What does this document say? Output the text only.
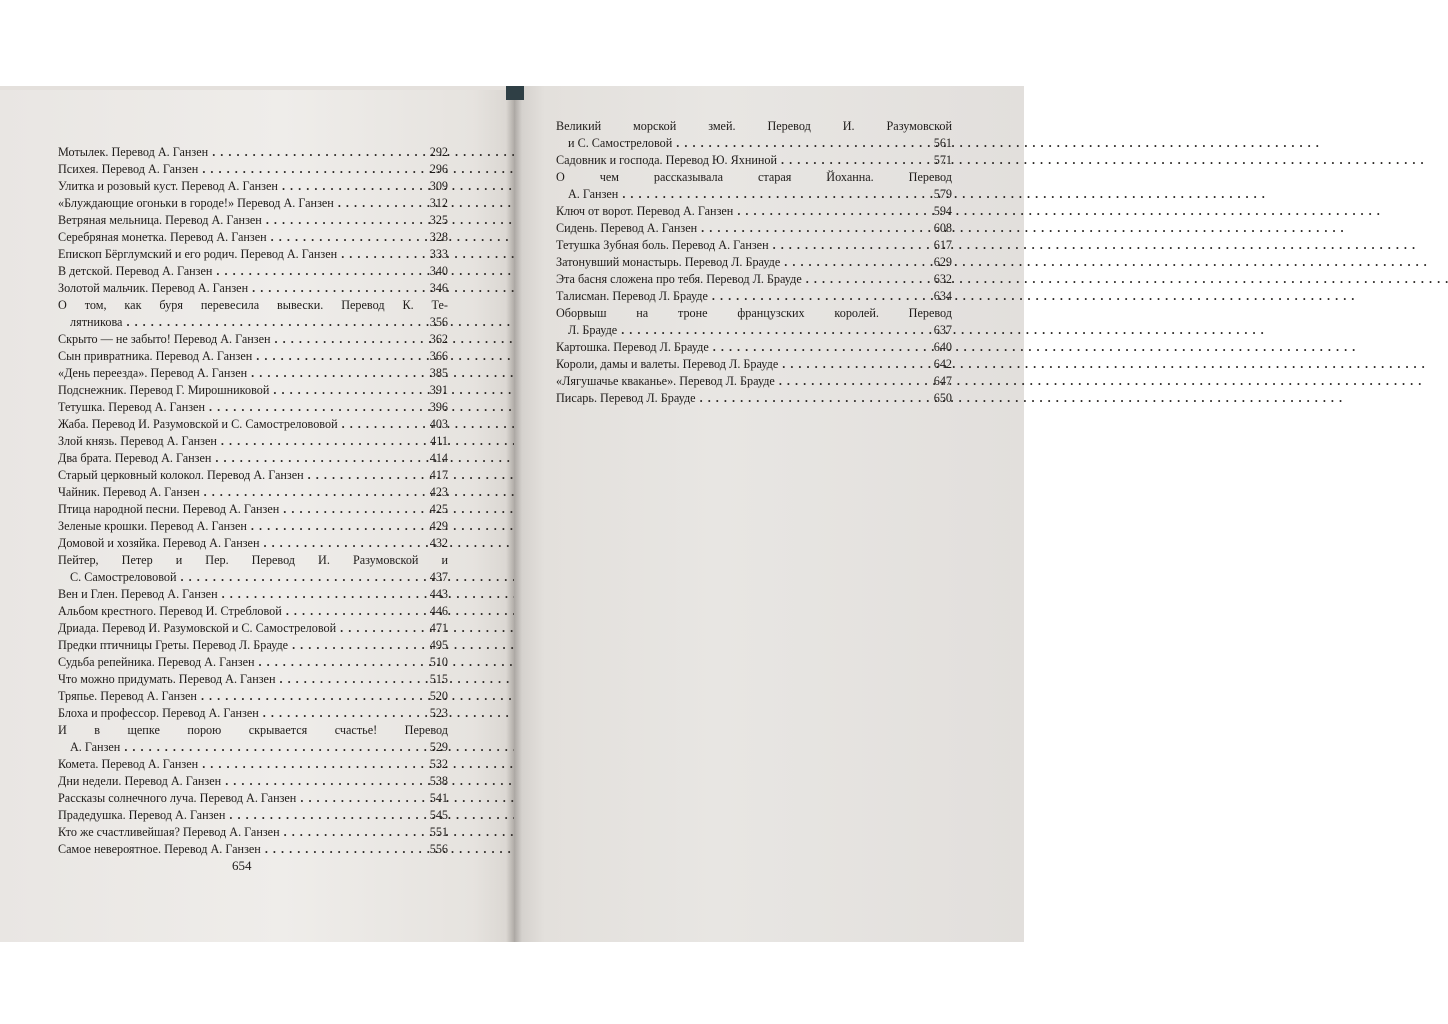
Мотылек. Перевод А. Ганзен . . .	292
Психея. Перевод А. Ганзен . . .	296
Улитка и розовый куст. Перевод А. Ганзен . . .	309
«Блуждающие огоньки в городе!» Перевод А. Ганзен . . .	312
Ветряная мельница. Перевод А. Ганзен . . .	325
Серебряная монетка. Перевод А. Ганзен . . .	328
Епископ Бёрглумский и его родич. Перевод А. Ганзен . . .	333
В детской. Перевод А. Ганзен . . .	340
Золотой мальчик. Перевод А. Ганзен . . .	346
О том, как буря перевесила вывески. Перевод К. Те-
лятникова . . .	356
Скрыто — не забыто! Перевод А. Ганзен . . .	362
Сын привратника. Перевод А. Ганзен . . .	366
«День переезда». Перевод А. Ганзен . . .	385
Подснежник. Перевод Г. Мирошниковой . . .	391
Тетушка. Перевод А. Ганзен . . .	396
Жаба. Перевод И. Разумовской и С. Самострелововой . . .	403
Злой князь. Перевод А. Ганзен . . .	411
Два брата. Перевод А. Ганзен . . .	414
Старый церковный колокол. Перевод А. Ганзен . . .	417
Чайник. Перевод А. Ганзен . . .	423
Птица народной песни. Перевод А. Ганзен . . .	425
Зеленые крошки. Перевод А. Ганзен . . .	429
Домовой и хозяйка. Перевод А. Ганзен . . .	432
Пейтер, Петер и Пер. Перевод И. Разумовской и
С. Самострелововой . . .	437
Вен и Глен. Перевод А. Ганзен . . .	443
Альбом крестного. Перевод И. Стребловой . . .	446
Дриада. Перевод И. Разумовской и С. Самостреловой . . .	471
Предки птичницы Греты. Перевод Л. Брауде . . .	495
Судьба репейника. Перевод А. Ганзен . . .	510
Что можно придумать. Перевод А. Ганзен . . .	515
Тряпье. Перевод А. Ганзен . . .	520
Блоха и профессор. Перевод А. Ганзен . . .	523
И в щепке порою скрывается счастье! Перевод
А. Ганзен . . .	529
Комета. Перевод А. Ганзен . . .	532
Дни недели. Перевод А. Ганзен . . .	538
Рассказы солнечного луча. Перевод А. Ганзен . . .	541
Прадедушка. Перевод А. Ганзен . . .	545
Кто же счастливейшая? Перевод А. Ганзен . . .	551
Самое невероятное. Перевод А. Ганзен . . .	556
654
Великий морской змей. Перевод И. Разумовской
и С. Самостреловой . . .	561
Садовник и господа. Перевод Ю. Яхниной . . .	571
О чем рассказывала старая Йоханна. Перевод
А. Ганзен . . .	579
Ключ от ворот. Перевод А. Ганзен . . .	594
Сидень. Перевод А. Ганзен . . .	608
Тетушка Зубная боль. Перевод А. Ганзен . . .	617
Затонувший монастырь. Перевод Л. Брауде . . .	629
Эта басня сложена про тебя. Перевод Л. Брауде . . .	632
Талисман. Перевод Л. Брауде . . .	634
Оборвыш на троне французских королей. Перевод
Л. Брауде . . .	637
Картошка. Перевод Л. Брауде . . .	640
Короли, дамы и валеты. Перевод Л. Брауде . . .	642
«Лягушачье кваканье». Перевод Л. Брауде . . .	647
Писарь. Перевод Л. Брауде . . .	650
